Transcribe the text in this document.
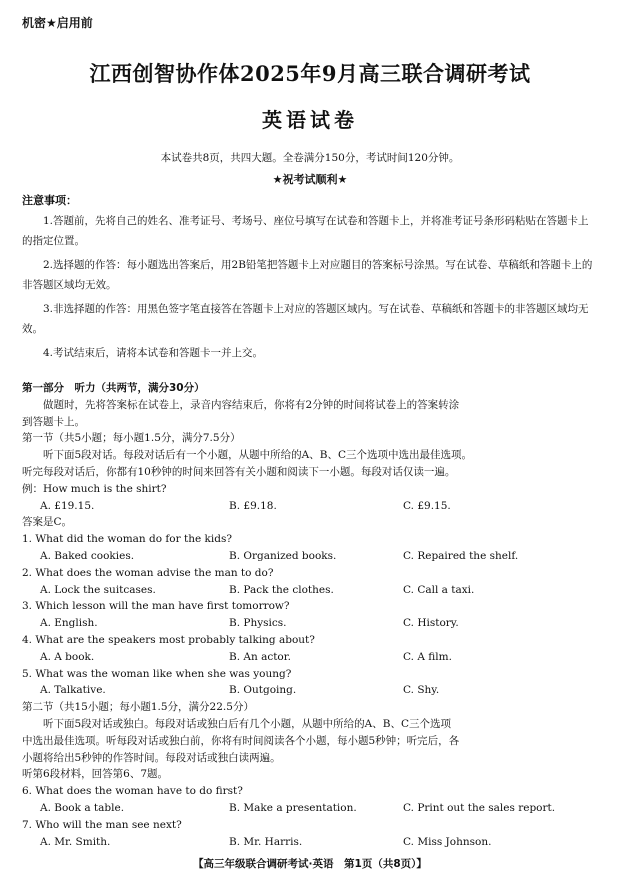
机密★启用前
江西创智协作体2025年9月高三联合调研考试
英语试卷
本试卷共8页，共四大题。全卷满分150分，考试时间120分钟。
★祝考试顺利★
注意事项：

1.答题前，先将自己的姓名、准考证号、考场号、座位号填写在试卷和答题卡上，并将准考证号条形码粘贴在答题卡上的指定位置。

2.选择题的作答：每小题选出答案后，用2B铅笔把答题卡上对应题目的答案标号涂黑。写在试卷、草稿纸和答题卡上的非答题区域均无效。

3.非选择题的作答：用黑色签字笔直接答在答题卡上对应的答题区域内。写在试卷、草稿纸和答题卡的非答题区域均无效。

4.考试结束后，请将本试卷和答题卡一并上交。

第一部分　听力（共两节，满分30分）
做题时，先将答案标在试卷上，录音内容结束后，你将有2分钟的时间将试卷上的答案转涂
到答题卡上。
第一节（共5小题；每小题1.5分，满分7.5分）
听下面5段对话。每段对话后有一个小题，从题中所给的A、B、C三个选项中选出最佳选项。
听完每段对话后，你都有10秒钟的时间来回答有关小题和阅读下一小题。每段对话仅读一遍。
例：How much is the shirt?
A. £19.15.	B. £9.18.	C. £9.15.
答案是C。
1. What did the woman do for the kids?
A. Baked cookies.	B. Organized books.	C. Repaired the shelf.
2. What does the woman advise the man to do?
A. Lock the suitcases.	B. Pack the clothes.	C. Call a taxi.
3. Which lesson will the man have first tomorrow?
A. English.	B. Physics.	C. History.
4. What are the speakers most probably talking about?
A. A book.	B. An actor.	C. A film.
5. What was the woman like when she was young?
A. Talkative.	B. Outgoing.	C. Shy.
第二节（共15小题；每小题1.5分，满分22.5分）
听下面5段对话或独白。每段对话或独白后有几个小题，从题中所给的A、B、C三个选项
中选出最佳选项。听每段对话或独白前，你将有时间阅读各个小题，每小题5秒钟；听完后，各
小题将给出5秒钟的作答时间。每段对话或独白读两遍。
听第6段材料，回答第6、7题。
6. What does the woman have to do first?
A. Book a table.	B. Make a presentation.	C. Print out the sales report.
7. Who will the man see next?
A. Mr. Smith.	B. Mr. Harris.	C. Miss Johnson.
【高三年级联合调研考试·英语　第1页（共8页）】
